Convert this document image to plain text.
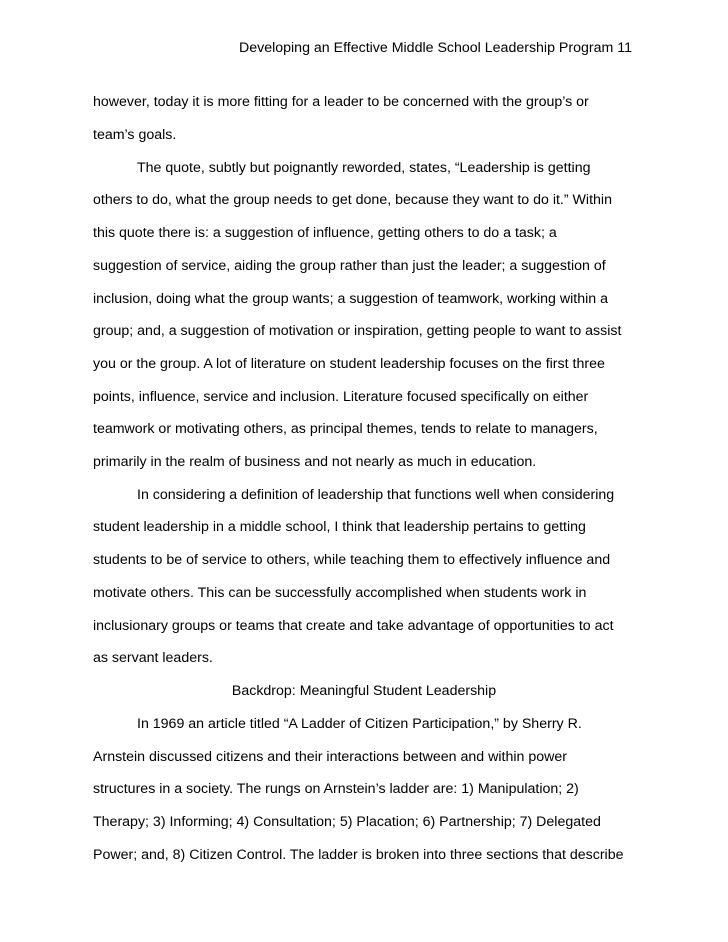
Developing an Effective Middle School Leadership Program 11
however, today it is more fitting for a leader to be concerned with the group’s or
team’s goals.
The quote, subtly but poignantly reworded, states, “Leadership is getting
others to do, what the group needs to get done, because they want to do it.” Within
this quote there is: a suggestion of influence, getting others to do a task; a
suggestion of service, aiding the group rather than just the leader; a suggestion of
inclusion, doing what the group wants; a suggestion of teamwork, working within a
group; and, a suggestion of motivation or inspiration, getting people to want to assist
you or the group. A lot of literature on student leadership focuses on the first three
points, influence, service and inclusion. Literature focused specifically on either
teamwork or motivating others, as principal themes, tends to relate to managers,
primarily in the realm of business and not nearly as much in education.
In considering a definition of leadership that functions well when considering
student leadership in a middle school, I think that leadership pertains to getting
students to be of service to others, while teaching them to effectively influence and
motivate others. This can be successfully accomplished when students work in
inclusionary groups or teams that create and take advantage of opportunities to act
as servant leaders.
Backdrop: Meaningful Student Leadership
In 1969 an article titled “A Ladder of Citizen Participation,” by Sherry R.
Arnstein discussed citizens and their interactions between and within power
structures in a society. The rungs on Arnstein’s ladder are: 1) Manipulation; 2)
Therapy; 3) Informing; 4) Consultation; 5) Placation; 6) Partnership; 7) Delegated
Power; and, 8) Citizen Control. The ladder is broken into three sections that describe
